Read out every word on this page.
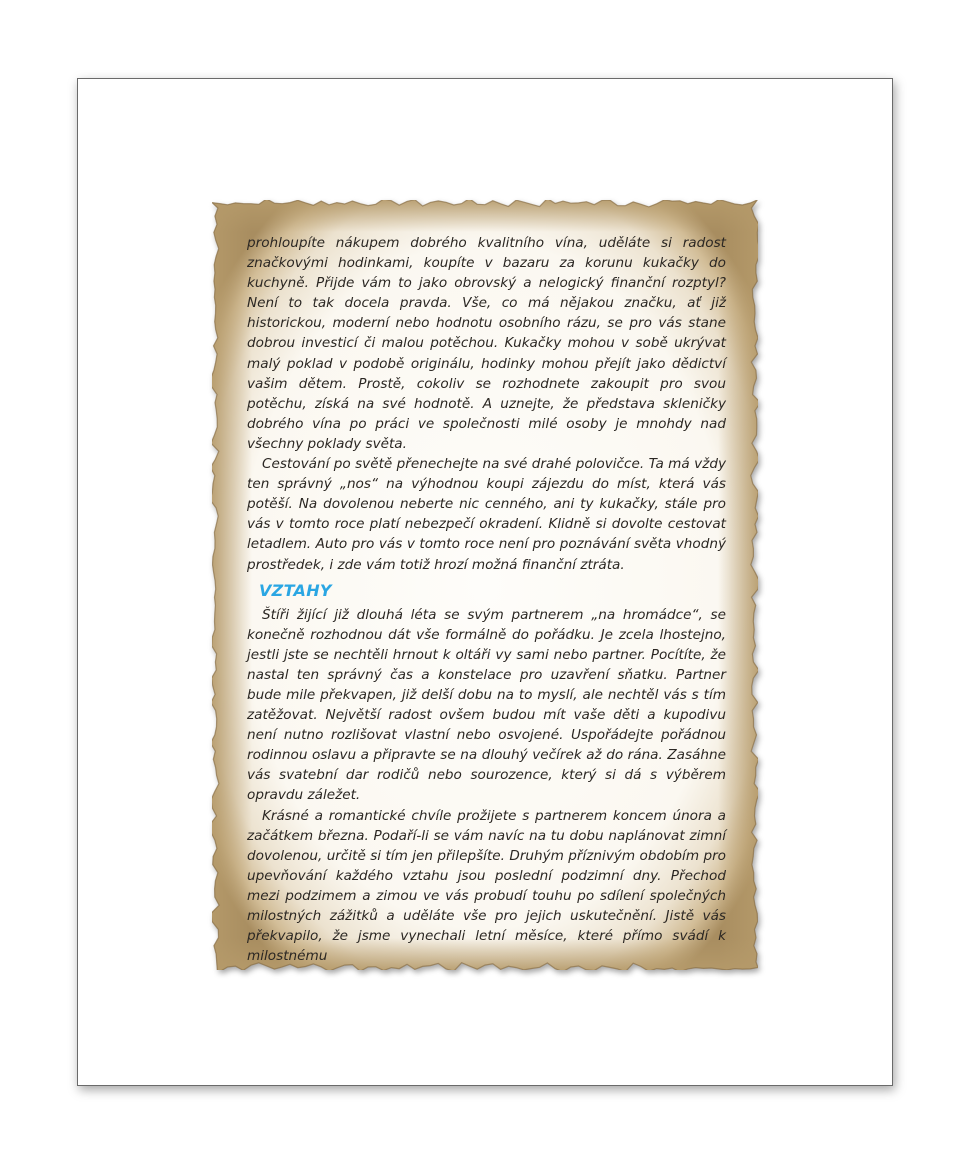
prohloupíte nákupem dobrého kvalitního vína, uděláte si radost značkovými hodinkami, koupíte v bazaru za korunu kukačky do kuchyně. Přijde vám to jako obrovský a nelogický finanční rozptyl? Není to tak docela pravda. Vše, co má nějakou značku, ať již historickou, moderní nebo hodnotu osobního rázu, se pro vás stane dobrou investicí či malou potěchou. Kukačky mohou v sobě ukrývat malý poklad v podobě originálu, hodinky mohou přejít jako dědictví vašim dětem. Prostě, cokoliv se rozhodnete zakoupit pro svou potěchu, získá na své hodnotě. A uznejte, že představa skleničky dobrého vína po práci ve společnosti milé osoby je mnohdy nad všechny poklady světa.

Cestování po světě přenechejte na své drahé polovičce. Ta má vždy ten správný „nos“ na výhodnou koupi zájezdu do míst, která vás potěší. Na dovolenou neberte nic cenného, ani ty kukačky, stále pro vás v tomto roce platí nebezpečí okradení. Klidně si dovolte cestovat letadlem. Auto pro vás v tomto roce není pro poznávání světa vhodný prostředek, i zde vám totiž hrozí možná finanční ztráta.

VZTAHY

Štíři žijící již dlouhá léta se svým partnerem „na hromádce“, se konečně rozhodnou dát vše formálně do pořádku. Je zcela lhostejno, jestli jste se nechtěli hrnout k oltáři vy sami nebo partner. Pocítíte, že nastal ten správný čas a konstelace pro uzavření sňatku. Partner bude mile překvapen, již delší dobu na to myslí, ale nechtěl vás s tím zatěžovat. Největší radost ovšem budou mít vaše děti a kupodivu není nutno rozlišovat vlastní nebo osvojené. Uspořádejte pořádnou rodinnou oslavu a připravte se na dlouhý večírek až do rána. Zasáhne vás svatební dar rodičů nebo sourozence, který si dá s výběrem opravdu záležet.

Krásné a romantické chvíle prožijete s partnerem koncem února a začátkem března. Podaří-li se vám navíc na tu dobu naplánovat zimní dovolenou, určitě si tím jen přilepšíte. Druhým příznivým obdobím pro upevňování každého vztahu jsou poslední podzimní dny. Přechod mezi podzimem a zimou ve vás probudí touhu po sdílení společných milostných zážitků a uděláte vše pro jejich uskutečnění. Jistě vás překvapilo, že jsme vynechali letní měsíce, které přímo svádí k milostnému
